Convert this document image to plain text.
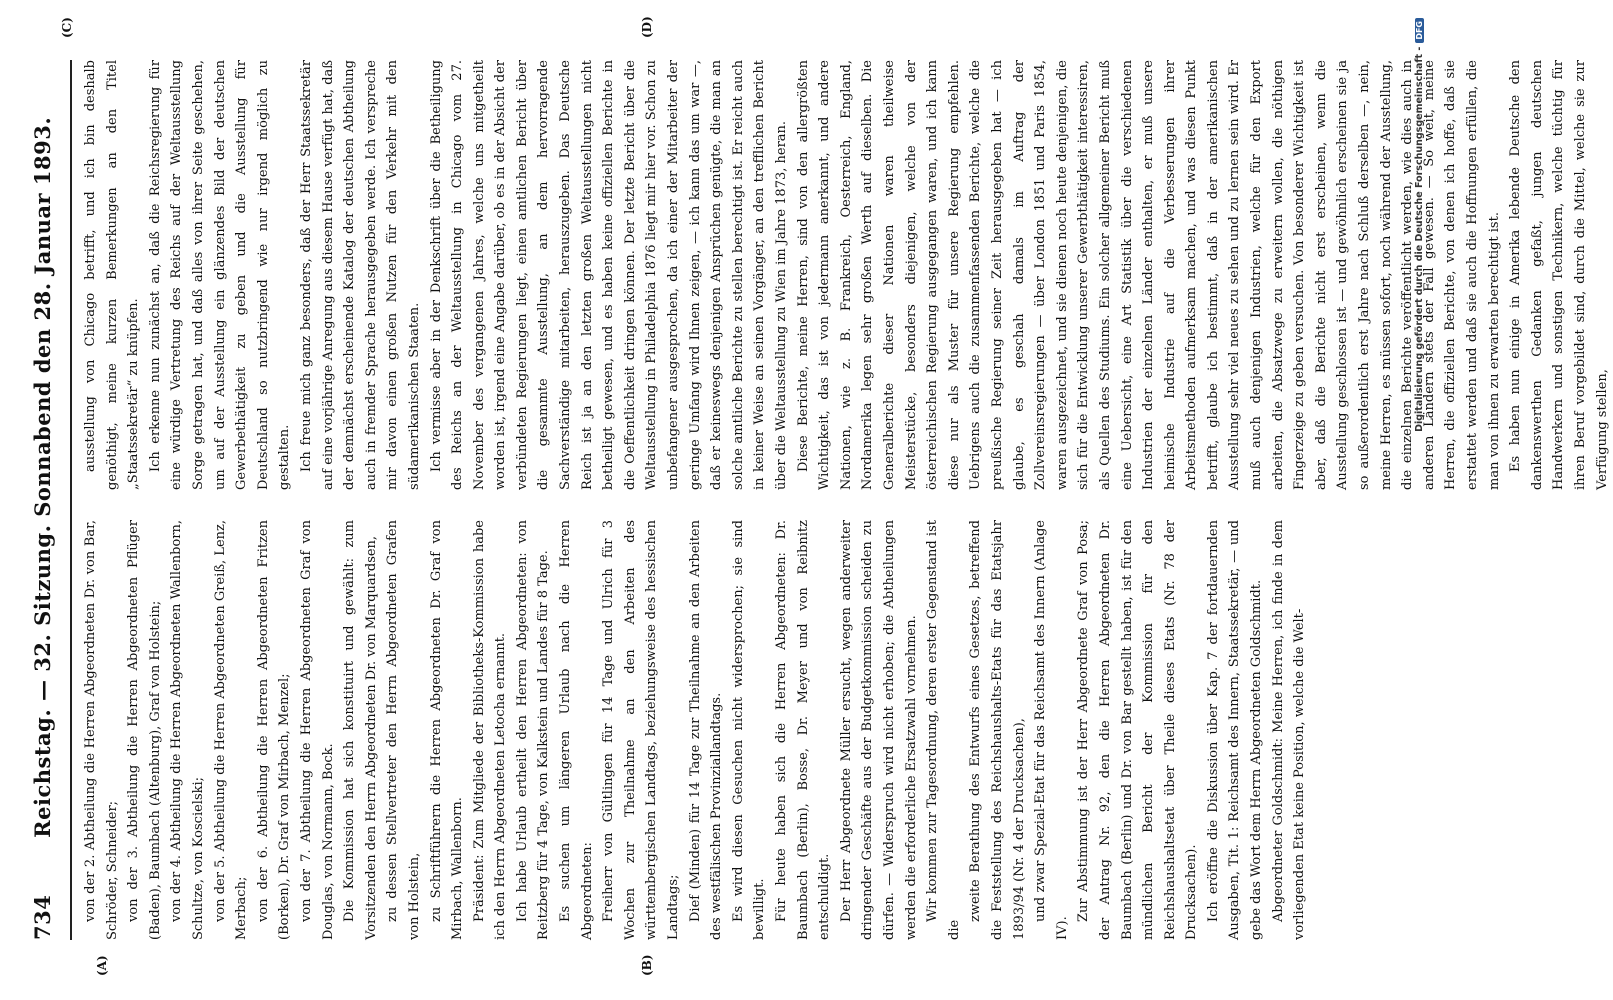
734
Reichstag. — 32. Sitzung. Sonnabend den 28. Januar 1893.
(A)	(B)
(C)	(D)

von der 2. Abtheilung die Herren Abgeordneten Dr. von Bar, Schröder, Schneider; von der 3. Abtheilung die Herren Abgeordneten Pflüger (Baden), Baumbach (Altenburg), Graf von Holstein; von der 4. Abtheilung die Herren Abgeordneten Wallenborn, Schultze, von Koscielski; von der 5. Abtheilung die Herren Abgeordneten Greiß, Lenz, Merbach; von der 6. Abtheilung die Herren Abgeordneten Fritzen (Borken), Dr. Graf von Mirbach, Menzel; von der 7. Abtheilung die Herren Abgeordneten Graf von Douglas, von Normann, Bock. Die Kommission hat sich konstituirt und gewählt: zum Vorsitzenden den Herrn Abgeordneten Dr. von Marquardsen, zu dessen Stellvertreter den Herrn Abgeordneten Grafen von Holstein, zu Schriftführern die Herren Abgeordneten Dr. Graf von Mirbach, Wallenborn. Präsident: Zum Mitgliede der Bibliotheks-Kommission habe ich den Herrn Abgeordneten Letocha ernannt. Ich habe Urlaub ertheilt den Herren Abgeordneten: von Reitzberg für 4 Tage, von Kalkstein und Landes für 8 Tage. Es suchen um längeren Urlaub nach die Herren Abgeordneten: Freiherr von Gültlingen für 14 Tage und Ulrich für 3 Wochen zur Theilnahme an den Arbeiten des württembergischen Landtags, beziehungsweise des hessischen Landtags; Dief (Minden) für 14 Tage zur Theilnahme an den Arbeiten des westfälischen Provinziallandtags. Es wird diesen Gesuchen nicht widersprochen; sie sind bewilligt. Für heute haben sich die Herren Abgeordneten: Dr. Baumbach (Berlin), Bosse, Dr. Meyer und von Reibnitz entschuldigt. Der Herr Abgeordnete Müller ersucht, wegen anderweiter dringender Geschäfte aus der Budgetkommission scheiden zu dürfen. — Widerspruch wird nicht erhoben; die Abtheilungen werden die erforderliche Ersatzwahl vornehmen. Wir kommen zur Tagesordnung, deren erster Gegenstand ist die

zweite Berathung des Entwurfs eines Gesetzes, betreffend die Feststellung des Reichshaushalts-Etats für das Etatsjahr 1893/94 (Nr. 4 der Drucksachen), und zwar Spezial-Etat für das Reichsamt des Innern (Anlage IV).

Zur Abstimmung ist der Herr Abgeordnete Graf von Posa; der Antrag Nr. 92, den die Herren Abgeordneten Dr. Baumbach (Berlin) und Dr. von Bar gestellt haben, ist für den mündlichen Bericht der Kommission für den Reichshaushaltsetat über Theile dieses Etats (Nr. 78 der Drucksachen). Ich eröffne die Diskussion über Kap. 7 der fortdauernden Ausgaben, Tit. 1: Reichsamt des Innern, Staatssekretär, — und gebe das Wort dem Herrn Abgeordneten Goldschmidt. Abgeordneter Goldschmidt: Meine Herren, ich finde in dem vorliegenden Etat keine Position, welche die Welt-

ausstellung von Chicago betrifft, und ich bin deshalb genöthigt, meine kurzen Bemerkungen an den Titel „Staatssekretär“ zu knüpfen. Ich erkenne nun zunächst an, daß die Reichsregierung für eine würdige Vertretung des Reichs auf der Weltausstellung Sorge getragen hat, und daß alles von ihrer Seite geschehen, um auf der Ausstellung ein glänzendes Bild der deutschen Gewerbethätigkeit zu geben und die Ausstellung für Deutschland so nutzbringend wie nur irgend möglich zu gestalten. Ich freue mich ganz besonders, daß der Herr Staatssekretär auf eine vorjährige Anregung aus diesem Hause verfügt hat, daß der demnächst erscheinende Katalog der deutschen Abtheilung auch in fremder Sprache herausgegeben werde. Ich verspreche mir davon einen großen Nutzen für den Verkehr mit den südamerikanischen Staaten. Ich vermisse aber in der Denkschrift über die Betheiligung des Reichs an der Weltausstellung in Chicago vom 27. November des vergangenen Jahres, welche uns mitgetheilt worden ist, irgend eine Angabe darüber, ob es in der Absicht der verbündeten Regierungen liegt, einen amtlichen Bericht über die gesammte Ausstellung, an dem hervorragende Sachverständige mitarbeiten, herauszugeben. Das Deutsche Reich ist ja an den letzten großen Weltausstellungen nicht betheiligt gewesen, und es haben keine offiziellen Berichte in die Oeffentlichkeit dringen können. Der letzte Bericht über die Weltausstellung in Philadelphia 1876 liegt mir hier vor. Schon zu unbefangener ausgesprochen, da ich einer der Mitarbeiter der geringe Umfang wird Ihnen zeigen, — ich kann das um war —, daß er keineswegs denjenigen Ansprüchen genügte, die man an solche amtliche Berichte zu stellen berechtigt ist. Er reicht auch in keiner Weise an seinen Vorgänger, an den trefflichen Bericht über die Weltausstellung zu Wien im Jahre 1873, heran. Diese Berichte, meine Herren, sind von den allergrößten Wichtigkeit, das ist von jedermann anerkannt, und andere Nationen, wie z. B. Frankreich, Oesterreich, England, Nordamerika legen sehr großen Werth auf dieselben. Die Generalberichte dieser Nationen waren theilweise Meisterstücke, besonders diejenigen, welche von der österreichischen Regierung ausgegangen waren, und ich kann diese nur als Muster für unsere Regierung empfehlen. Uebrigens auch die zusammenfassenden Berichte, welche die preußische Regierung seiner Zeit herausgegeben hat — ich glaube, es geschah damals im Auftrag der Zollvereinsregierungen — über London 1851 und Paris 1854, waren ausgezeichnet, und sie dienen noch heute denjenigen, die sich für die Entwicklung unserer Gewerbthätigkeit interessiren, als Quellen des Studiums. Ein solcher allgemeiner Bericht muß eine Uebersicht, eine Art Statistik über die verschiedenen Industrien der einzelnen Länder enthalten, er muß unsere heimische Industrie auf die Verbesserungen ihrer Arbeitsmethoden aufmerksam machen, und was diesen Punkt betrifft, glaube ich bestimmt, daß in der amerikanischen Ausstellung sehr viel neues zu sehen und zu lernen sein wird. Er muß auch denjenigen Industrien, welche für den Export arbeiten, die Absatzwege zu erweitern wollen, die nöthigen Fingerzeige zu geben versuchen. Von besonderer Wichtigkeit ist aber, daß die Berichte nicht erst erscheinen, wenn die Ausstellung geschlossen ist — und gewöhnlich erscheinen sie ja so außerordentlich erst Jahre nach Schluß derselben —, nein, meine Herren, es müssen sofort, noch während der Ausstellung, die einzelnen Berichte veröffentlicht werden, wie dies auch in anderen Ländern stets der Fall gewesen. — So weit, meine Herren, die offiziellen Berichte, von denen ich hoffe, daß sie erstattet werden und daß sie auch die Hoffnungen erfüllen, die man von ihnen zu erwarten berechtigt ist. Es haben nun einige in Amerika lebende Deutsche den dankenswerthen Gedanken gefaßt, jungen deutschen Handwerkern und sonstigen Technikern, welche tüchtig für ihren Beruf vorgebildet sind, durch die Mittel, welche sie zur Verfügung stellen,

Digitalisierung gefördert durch die Deutsche Forschungsgemeinschaft -
DFG
